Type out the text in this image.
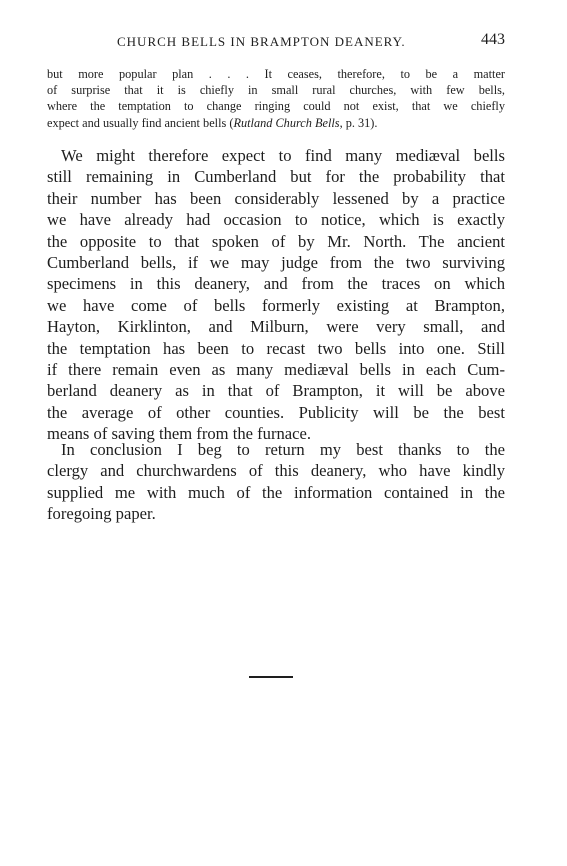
CHURCH BELLS IN BRAMPTON DEANERY.	443

but more popular plan . . . It ceases, therefore, to be a matter
of surprise that it is chiefly in small rural churches, with few bells,
where the temptation to change ringing could not exist, that we chiefly
expect and usually find ancient bells (Rutland Church Bells, p. 31).

We might therefore expect to find many mediæval bells
still remaining in Cumberland but for the probability that
their number has been considerably lessened by a practice
we have already had occasion to notice, which is exactly
the opposite to that spoken of by Mr. North. The ancient
Cumberland bells, if we may judge from the two surviving
specimens in this deanery, and from the traces on which
we have come of bells formerly existing at Brampton,
Hayton, Kirklinton, and Milburn, were very small, and
the temptation has been to recast two bells into one. Still
if there remain even as many mediæval bells in each Cum-
berland deanery as in that of Brampton, it will be above
the average of other counties. Publicity will be the best
means of saving them from the furnace.

In conclusion I beg to return my best thanks to the
clergy and churchwardens of this deanery, who have kindly
supplied me with much of the information contained in the
foregoing paper.
